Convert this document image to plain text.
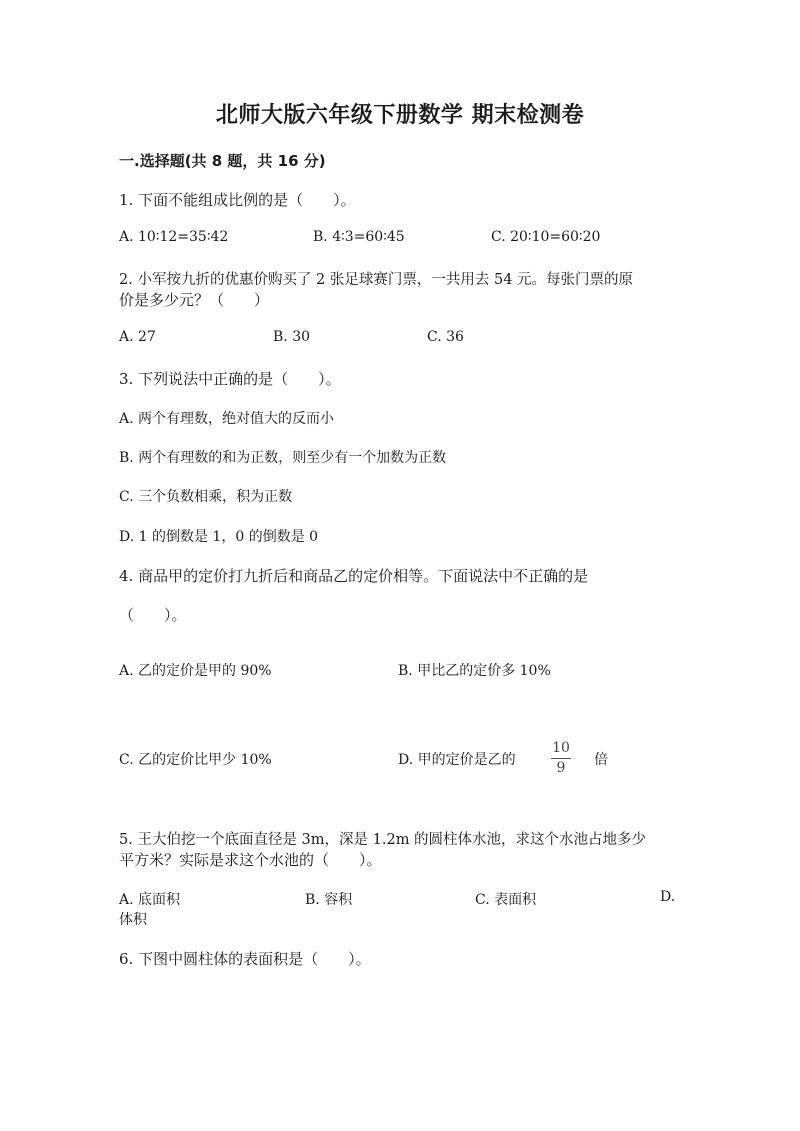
北师大版六年级下册数学 期末检测卷
一.选择题(共 8 题，共 16 分)
1. 下面不能组成比例的是（　　）。
A. 10∶12=35∶42	B. 4∶3=60∶45	C. 20∶10=60∶20
2. 小军按九折的优惠价购买了 2 张足球赛门票，一共用去 54 元。每张门票的原
价是多少元？（　　）
A. 27	B. 30	C. 36
3. 下列说法中正确的是（　　）。
A. 两个有理数，绝对值大的反而小
B. 两个有理数的和为正数，则至少有一个加数为正数
C. 三个负数相乘，积为正数
D. 1 的倒数是 1，0 的倒数是 0
4. 商品甲的定价打九折后和商品乙的定价相等。下面说法中不正确的是
（　　）。
A. 乙的定价是甲的 90%	B. 甲比乙的定价多 10%
C. 乙的定价比甲少 10%	D. 甲的定价是乙的
10
9	倍
5. 王大伯挖一个底面直径是 3m，深是 1.2m 的圆柱体水池，求这个水池占地多少
平方米？实际是求这个水池的（　　）。
A. 底面积	B. 容积	C. 表面积	D.
体积
6. 下图中圆柱体的表面积是（　　）。
